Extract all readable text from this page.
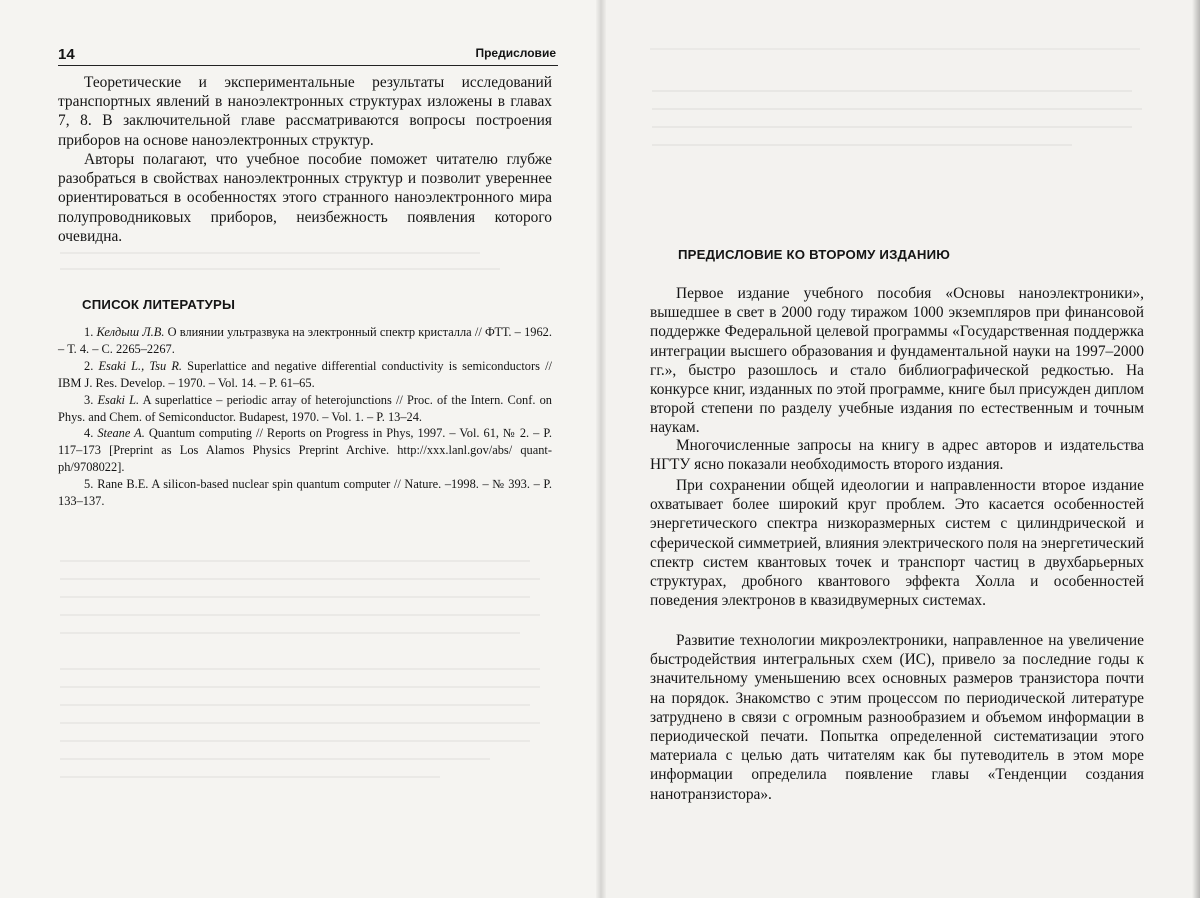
14	Предисловие

Теоретические и экспериментальные результаты исследований транспортных явлений в наноэлектронных структурах изложены в главах 7, 8. В заключительной главе рассматриваются вопросы построения приборов на основе наноэлектронных структур.

Авторы полагают, что учебное пособие поможет читателю глубже разобраться в свойствах наноэлектронных структур и позволит увереннее ориентироваться в особенностях этого странного наноэлектронного мира полупроводниковых приборов, неизбежность появления которого очевидна.

СПИСОК ЛИТЕРАТУРЫ
1. Келдыш Л.В. О влиянии ультразвука на электронный спектр кристалла // ФТТ. – 1962. – Т. 4. – С. 2265–2267.
2. Esaki L., Tsu R. Superlattice and negative differential conductivity is semiconductors // IBM J. Res. Develop. – 1970. – Vol. 14. – P. 61–65.
3. Esaki L. A superlattice – periodic array of heterojunctions // Proc. of the Intern. Conf. on Phys. and Chem. of Semiconductor. Budapest, 1970. – Vol. 1. – P. 13–24.
4. Steane A. Quantum computing // Reports on Progress in Phys, 1997. – Vol. 61, № 2. – P. 117–173 [Preprint as Los Alamos Physics Preprint Archive. http://xxx.lanl.gov/abs/ quant-ph/9708022].
5. Rane B.E. A silicon-based nuclear spin quantum computer // Nature. –1998. – № 393. – P. 133–137.
ПРЕДИСЛОВИЕ КО ВТОРОМУ ИЗДАНИЮ

Первое издание учебного пособия «Основы наноэлектроники», вышедшее в свет в 2000 году тиражом 1000 экземпляров при финансовой поддержке Федеральной целевой программы «Государственная поддержка интеграции высшего образования и фундаментальной науки на 1997–2000 гг.», быстро разошлось и стало библиографической редкостью. На конкурсе книг, изданных по этой программе, книге был присужден диплом второй степени по разделу учебные издания по естественным и точным наукам.

Многочисленные запросы на книгу в адрес авторов и издательства НГТУ ясно показали необходимость второго издания.

При сохранении общей идеологии и направленности второе издание охватывает более широкий круг проблем. Это касается особенностей энергетического спектра низкоразмерных систем с цилиндрической и сферической симметрией, влияния электрического поля на энергетический спектр систем квантовых точек и транспорт частиц в двухбарьерных структурах, дробного квантового эффекта Холла и особенностей поведения электронов в квазидвумерных системах.

Развитие технологии микроэлектроники, направленное на увеличение быстродействия интегральных схем (ИС), привело за последние годы к значительному уменьшению всех основных размеров транзистора почти на порядок. Знакомство с этим процессом по периодической литературе затруднено в связи с огромным разнообразием и объемом информации в периодической печати. Попытка определенной систематизации этого материала с целью дать читателям как бы путеводитель в этом море информации определила появление главы «Тенденции создания нанотранзистора».
